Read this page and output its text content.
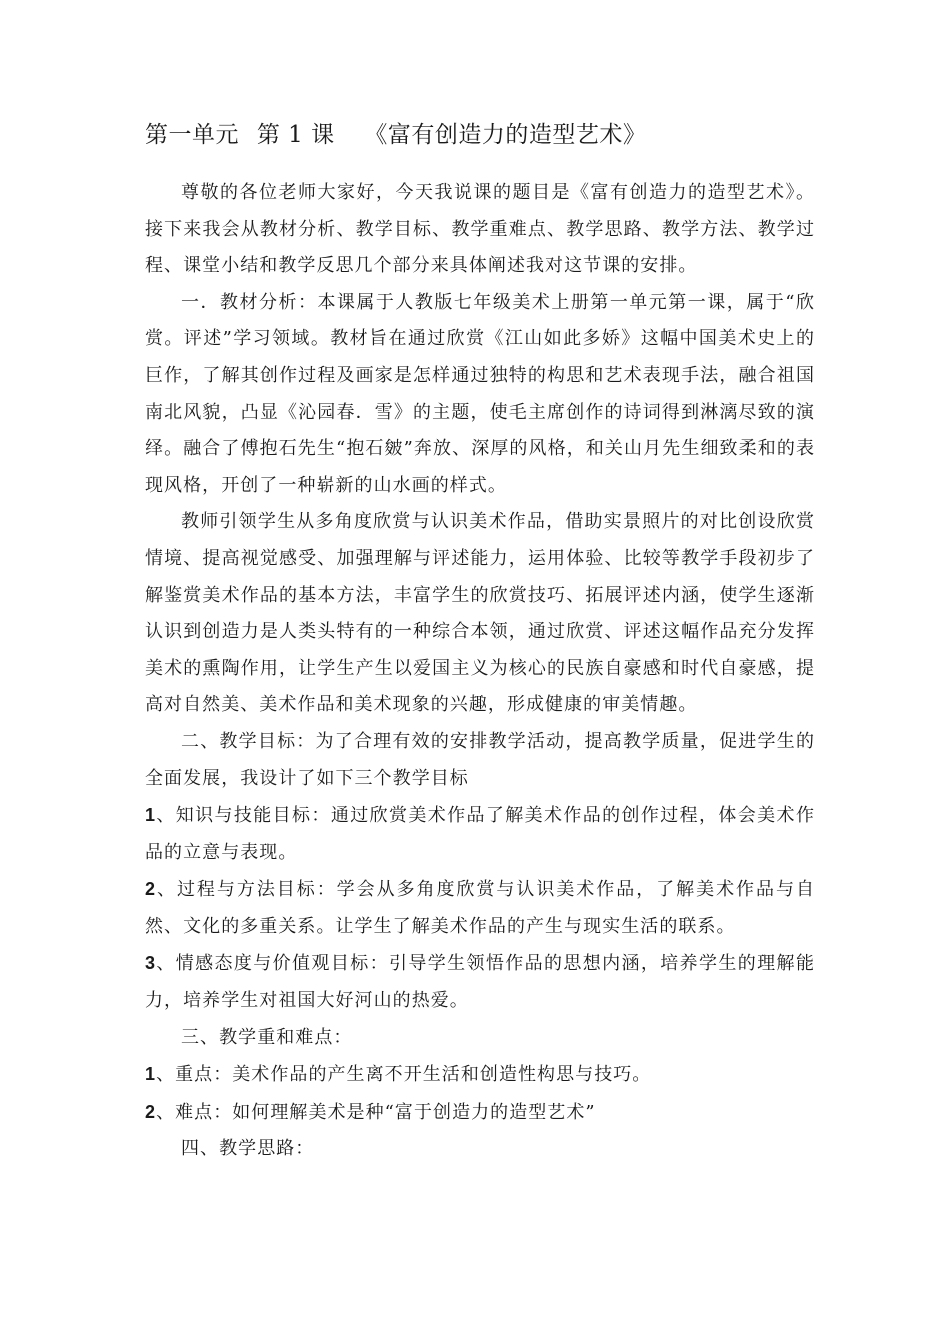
第一单元 第 1 课 《富有创造力的造型艺术》

尊敬的各位老师大家好，今天我说课的题目是《富有创造力的造型艺术》。接下来我会从教材分析、教学目标、教学重难点、教学思路、教学方法、教学过程、课堂小结和教学反思几个部分来具体阐述我对这节课的安排。

一．教材分析：本课属于人教版七年级美术上册第一单元第一课，属于“欣赏。评述”学习领域。教材旨在通过欣赏《江山如此多娇》这幅中国美术史上的巨作，了解其创作过程及画家是怎样通过独特的构思和艺术表现手法，融合祖国南北风貌，凸显《沁园春．雪》的主题，使毛主席创作的诗词得到淋漓尽致的演绎。融合了傅抱石先生“抱石皴”奔放、深厚的风格，和关山月先生细致柔和的表现风格，开创了一种崭新的山水画的样式。

教师引领学生从多角度欣赏与认识美术作品，借助实景照片的对比创设欣赏情境、提高视觉感受、加强理解与评述能力，运用体验、比较等教学手段初步了解鉴赏美术作品的基本方法，丰富学生的欣赏技巧、拓展评述内涵，使学生逐渐认识到创造力是人类头特有的一种综合本领，通过欣赏、评述这幅作品充分发挥美术的熏陶作用，让学生产生以爱国主义为核心的民族自豪感和时代自豪感，提高对自然美、美术作品和美术现象的兴趣，形成健康的审美情趣。

二、教学目标：为了合理有效的安排教学活动，提高教学质量，促进学生的全面发展，我设计了如下三个教学目标

1、知识与技能目标：通过欣赏美术作品了解美术作品的创作过程，体会美术作品的立意与表现。

2、过程与方法目标：学会从多角度欣赏与认识美术作品，了解美术作品与自然、文化的多重关系。让学生了解美术作品的产生与现实生活的联系。

3、情感态度与价值观目标：引导学生领悟作品的思想内涵，培养学生的理解能力，培养学生对祖国大好河山的热爱。

三、教学重和难点：

1、重点：美术作品的产生离不开生活和创造性构思与技巧。

2、难点：如何理解美术是种“富于创造力的造型艺术”

四、教学思路：
